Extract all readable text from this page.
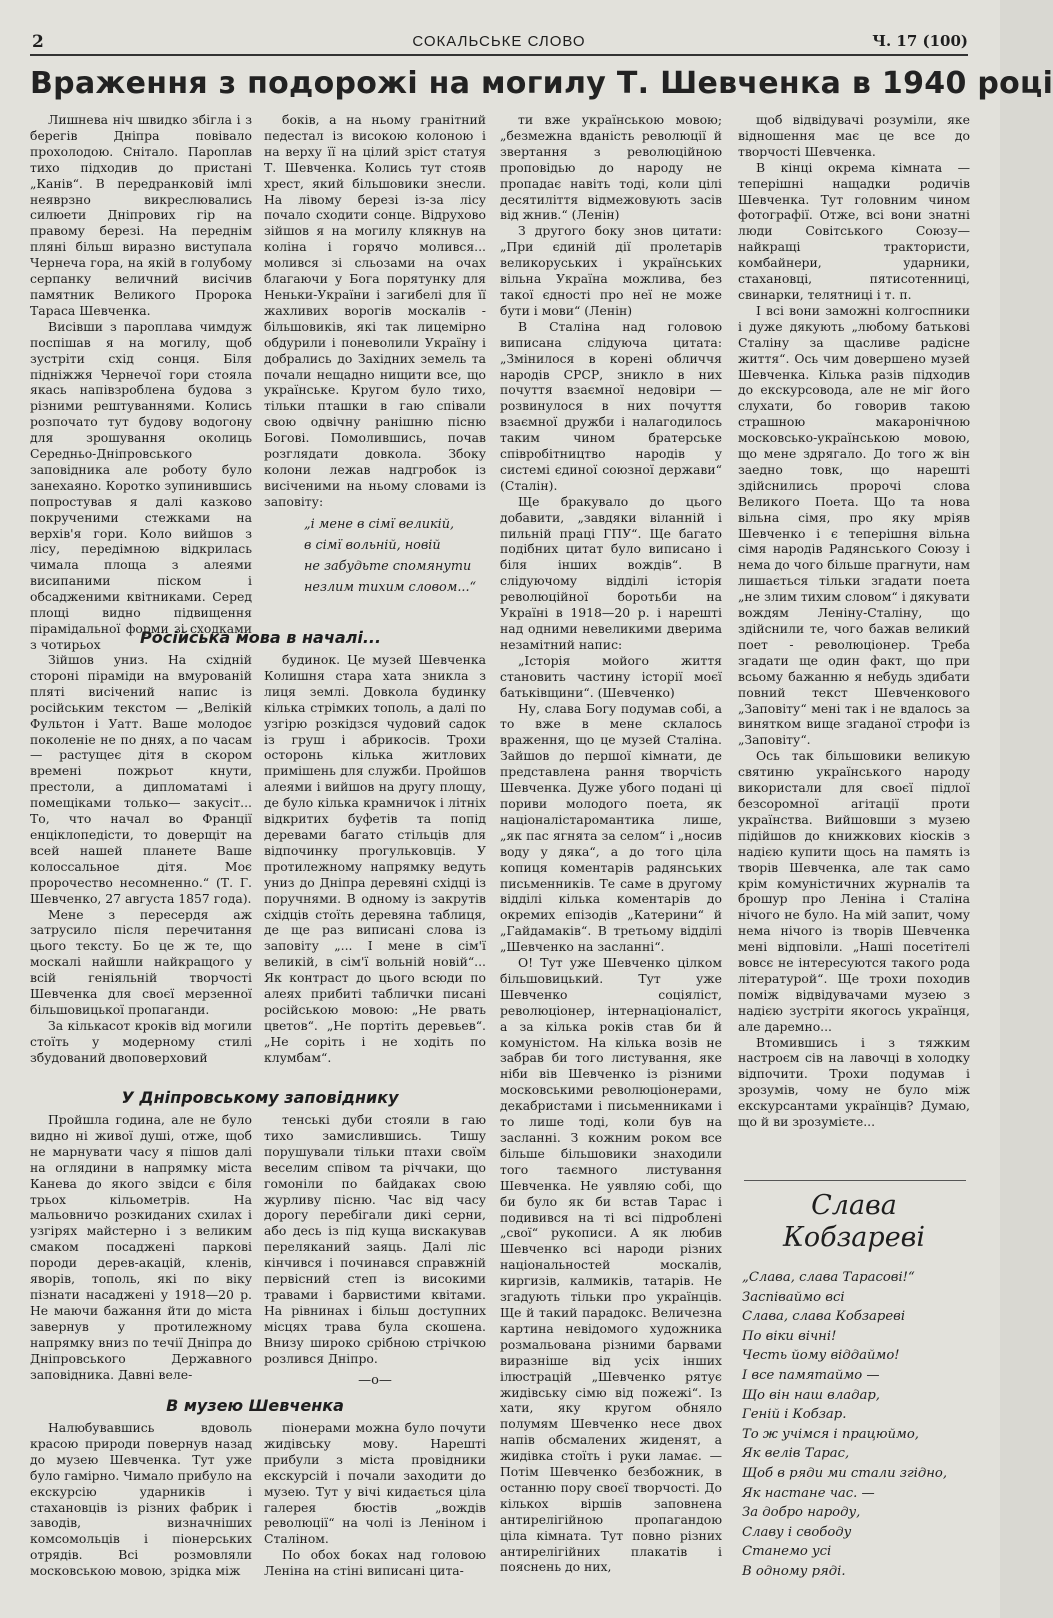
2	СОКАЛЬСЬКЕ СЛОВО	Ч. 17 (100)
Враження з подорожі на могилу Т. Шевченка в 1940 році

Лишнева ніч швидко збігла і з берегів Дніпра повівало прохолодою. Снітало. Пароплав тихо підходив до пристані „Канів“. В передранковій імлі неяврзно викреслювались силюети Дніпрових гір на правому березі. На переднім пляні більш виразно виступала Чернеча гора, на якій в голубому серпанку величний висічив памятник Великого Пророка Тараса Шевченка.

Висівши з пароплава чимдуж поспішав я на могилу, щоб зустріти схід сонця. Біля підніжжя Чернечої гори стояла якась напівзроблена будова з різними рештуваннями. Колись розпочато тут будову водогону для зрошування околиць Середньо-Дніпровського заповідника але роботу було занехаяно. Коротко зупинившись попростував я далі казково покрученими стежками на верхів'я гори. Коло вийшов з лісу, передімною відкрилась чимала площа з алеями висипаними піском і обсадженими квітниками. Серед площі видно підвищення пірамідальної форми зі сходками з чотирьох

боків, а на ньому гранітний педестал із високою колоною і на верху її на цілий зріст статуя Т. Шевченка. Колись тут стояв хрест, який більшовики знесли. На лівому березі із-за лісу почало сходити сонце. Відрухово зійшов я на могилу клякнув на коліна і горячо молився... молився зі сльозами на очах благаючи у Бога порятунку для Неньки-України і загибелі для її жахливих ворогів москалів - більшовиків, які так лицемірно обдурили і поневолили Україну і добрались до Західних земель та почали нещадно нищити все, що українське. Кругом було тихо, тільки пташки в гаю співали свою одвічну ранішню пісню Богові. Помолившись, почав розглядати довкола. Збоку колони лежав надгробок із висіченими на ньому словами із заповіту:

„і мене в сімї великій,
в сімї вольній, новій
не забудьте спомянути
незлим тихим словом...“
Російська мова в началі...

Зійшов униз. На східній стороні піраміди на вмурованій пляті висічений напис із російським текстом — „Велікій Фультон і Уатт. Ваше молодоє поколеніе не по днях, а по часам — растущеє дітя в скором времені пожрьот кнути, престоли, а дипломатамі і помещіками только— закусіт... То, что начал во Франції енціклопедісти, то доверщіт на всей нашей планете Ваше колоссальное дітя. Моє пророчество несомненно.“ (Т. Г. Шевченко, 27 августа 1857 года).

Мене з пересердя аж затрусило після перечитання цього тексту. Бо це ж те, що москалі найшли найкращого у всій геніяльній творчості Шевченка для своєї мерзенної більшовицької пропаганди.

За кількасот кроків від могили стоїть у модерному стилі збудований двоповерховий

будинок. Це музей Шевченка Колишня стара хата зникла з лиця землі. Довкола будинку кілька стрімких тополь, а далі по узгірю розкідзся чудовий садок із груш і абрикосів. Трохи осторонь кілька житлових примішень для служби. Пройшов алеями і вийшов на другу площу, де було кілька крамничок і літніх відкритих буфетів та попід деревами багато стільців для відпочинку прогульковців. У протилежному напрямку ведуть униз до Дніпра деревяні східці із поручнями. В одному із закрутів східців стоїть деревяна таблиця, де ще раз виписані слова із заповіту „... І мене в сім'ї великій, в сім'ї вольній новій“... Як контраст до цього всюди по алеях прибиті таблички писані російською мовою: „Не рвать цветов“. „Не портіть деревьев“. „Не соріть і не ходіть по клумбам“.

У Дніпровському заповіднику

Пройшла година, але не було видно ні живої душі, отже, щоб не марнувати часу я пішов далі на оглядини в напрямку міста Канева до якого звідси є біля трьох кільометрів. На мальовничо розкиданих схилах і узгірях майстерно і з великим смаком посаджені паркові породи дерев-акацій, кленів, яворів, тополь, які по віку пізнати насаджені у 1918—20 р. Не маючи бажання йти до міста завернув у протилежному напрямку вниз по течії Дніпра до Дніпровського Державного заповідника. Давні веле-

тенські дуби стояли в гаю тихо замислившись. Тишу порушували тільки птахи своїм веселим співом та річчаки, що гомоніли по байдаках свою журливу пісню. Час від часу дорогу перебігали дикі серни, або десь із під куща вискакував переляканий заяць. Далі ліс кінчився і починався справжній первісний степ із високими травами і барвистими квітами. На рівнинах і більш доступних місцях трава була скошена. Внизу широко срібною стрічкою розлився Дніпро.

—о—
В музею Шевченка

Налюбувавшись вдоволь красою природи повернув назад до музею Шевченка. Тут уже було гамірно. Чимало прибуло на екскурсію ударників і стахановців із різних фабрик і заводів, визначніших комсомольців і піонерських отрядів. Всі розмовляли московською мовою, зрідка між

піонерами можна було почути жидівську мову. Нарешті прибули з міста провідники екскурсій і почали заходити до музею. Тут у вічі кидається ціла галерея бюстів „вождів революції“ на чолі із Леніном і Сталіном.

По обох боках над головою Леніна на стіні виписані цита-

ти вже українською мовою; „безмежна вданість революції й звертання з революційною проповідью до народу не пропадає навіть тоді, коли цілі десятиліття відмежовують засів від жнив.“ (Ленін)

З другого боку знов цитати: „При єдиній дії пролетарів великоруських і українських вільна Україна можлива, без такої єдності про неї не може бути і мови“ (Ленін)

В Сталіна над головою виписана слідуюча цитата: „Змінилося в корені обличчя народів СРСР, зникло в них почуття взаємної недовіри — розвинулося в них почуття взаємної дружби і налагодилось таким чином братерське співробітництво народів у системі єдиної союзної держави“ (Сталін).

Ще бракувало до цього добавити, „завдяки віланній і пильній праці ГПУ“. Ще багато подібних цитат було виписано і біля інших вождів“. В слідуючому відділі історія революційної боротьби на Україні в 1918—20 р. і нарешті над одними невеликими дверима незамітний напис:

„Історія мойого життя становить частину історії моєї батьківщини“. (Шевченко)

Ну, слава Богу подумав собі, а то вже в мене склалось враження, що це музей Сталіна. Зайшов до першої кімнати, де представлена рання творчість Шевченка. Дуже убого подані ці пориви молодого поета, як націоналістаромантика лише, „як пас ягнята за селом“ і „носив воду у дяка“, а до того ціла копиця коментарів радянських письменників. Те саме в другому відділі кілька коментарів до окремих епізодів „Катерини“ й „Гайдамаків“. В третьому відділі „Шевченко на засланні“.

О! Тут уже Шевченко цілком більшовицький. Тут уже Шевченко соціяліст, революціонер, інтернаціоналіст, а за кілька років став би й комуністом. На кілька возів не забрав би того листування, яке ніби вів Шевченко із різними московськими революціонерами, декабристами і письменниками і то лише тоді, коли був на засланні. З кожним роком все більше більшовики знаходили того таємного листування Шевченка. Не уявляю собі, що би було як би встав Тарас і подивився на ті всі підроблені „свої“ рукописи. А як любив Шевченко всі народи різних національностей москалів, киргизів, калмиків, татарів. Не згадують тільки про українців. Ще й такий парадокс. Величезна картина невідомого художника розмальована різними барвами виразніше від усіх інших ілюстрацій „Шевченко рятує жидівську сімю від пожежі“. Із хати, яку кругом обняло полумям Шевченко несе двох напів обсмалених жиденят, а жидівка стоїть і руки ламає. — Потім Шевченко безбожник, в останню пору своєї творчості. До кількох віршів заповнена антирелігійною пропагандою ціла кімната. Тут повно різних антирелігійних плакатів і пояснень до них,

щоб відвідувачі розуміли, яке відношення має це все до творчості Шевченка.

В кінці окрема кімната — теперішні нащадки родичів Шевченка. Тут головним чином фотографії. Отже, всі вони знатні люди Совітського Союзу—найкращі трактористи, комбайнери, ударники, стахановці, пятисотенниці, свинарки, телятниці і т. п.

І всі вони заможні колгоспники і дуже дякують „любому батькові Сталіну за щасливе радісне життя“. Ось чим довершено музей Шевченка. Кілька разів підходив до екскурсовода, але не міг його слухати, бо говорив такою страшною макаронічною московсько-українською мовою, що мене здрягало. До того ж він заедно товк, що нарешті здійснились пророчі слова Великого Поета. Що та нова вільна сімя, про яку мріяв Шевченко і є теперішня вільна сімя народів Радянського Союзу і нема до чого більше прагнути, нам лишається тільки згадати поета „не злим тихим словом“ і дякувати вождям Леніну-Сталіну, що здійснили те, чого бажав великий поет - революціонер. Треба згадати ще один факт, що при всьому бажанню я небудь здибати повний текст Шевченкового „Заповіту“ мені так і не вдалось за винятком вище згаданої строфи із „Заповіту“.

Ось так більшовики великую святиню українського народу використали для своєї підлої безсоромної агітації проти українства. Вийшовши з музею підійшов до книжкових кіосків з надією купити щось на память із творів Шевченка, але так само крім комуністичних журналів та брошур про Леніна і Сталіна нічого не було. На мій запит, чому нема нічого із творів Шевченка мені відповіли. „Наші посетітелі вовсє не інтересуются такого рода літературой“. Ще трохи походив поміж відвідувачами музею з надією зустріти якогось українця, але даремно...

Втомившись і з тяжким настроєм сів на лавочці в холодку відпочити. Трохи подумав і зрозумів, чому не було між екскурсантами українців? Думаю, що й ви зрозумієте...

Слава
Кобзареві
„Слава, слава Тарасові!“
Заспіваймо всі
Слава, слава Кобзареві
По віки вічні!
Честь йому віддаймо!
І все памятаймо —
Що він наш владар,
Геній і Кобзар.
То ж учімся і працюймо,
Як велів Тарас,
Щоб в ряди ми стали згідно,
Як настане час. —
За добро народу,
Славу і свободу
Станемо усі
В одному ряді.
